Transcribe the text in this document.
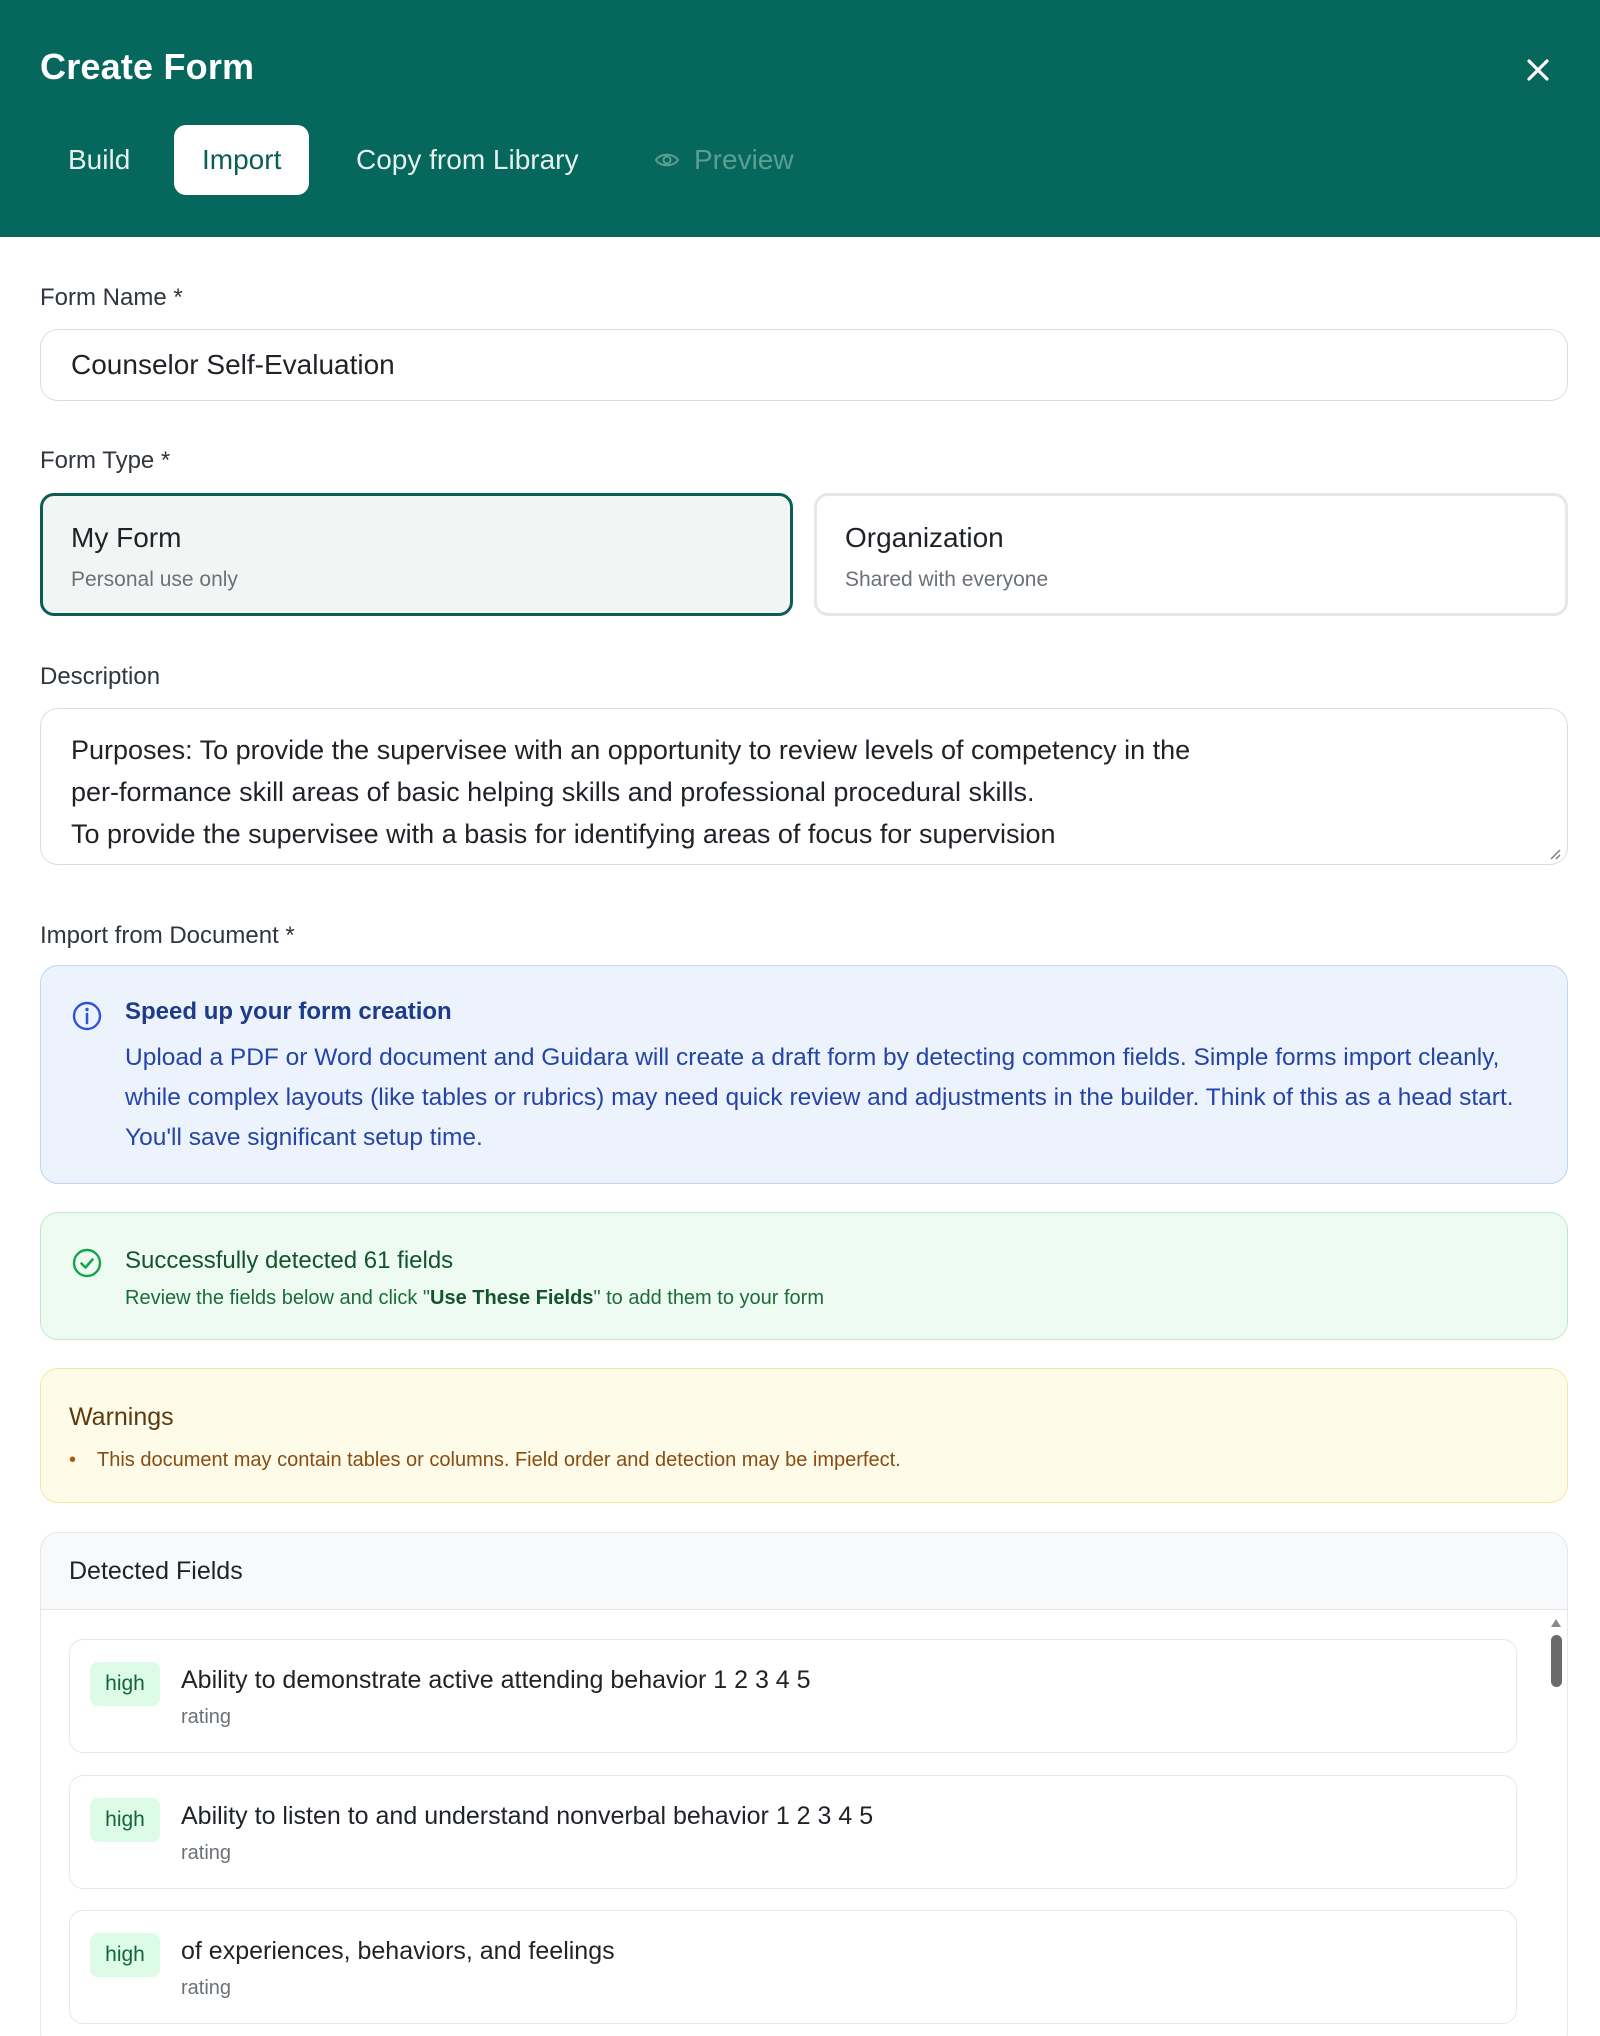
Create Form
Build	Import	Copy from Library	Preview
Form Name *
Counselor Self-Evaluation
Form Type *
My Form
Personal use only
Organization
Shared with everyone
Description
Purposes: To provide the supervisee with an opportunity to review levels of competency in the
per-formance skill areas of basic helping skills and professional procedural skills.
To provide the supervisee with a basis for identifying areas of focus for supervision
Import from Document *
Speed up your form creation
Upload a PDF or Word document and Guidara will create a draft form by detecting common fields. Simple forms import cleanly, while complex layouts (like tables or rubrics) may need quick review and adjustments in the builder. Think of this as a head start. You'll save significant setup time.
Successfully detected 61 fields
Review the fields below and click "Use These Fields" to add them to your form
Warnings
• This document may contain tables or columns. Field order and detection may be imperfect.
Detected Fields
high	Ability to demonstrate active attending behavior 1 2 3 4 5
rating
high	Ability to listen to and understand nonverbal behavior 1 2 3 4 5
rating
high	of experiences, behaviors, and feelings
rating
